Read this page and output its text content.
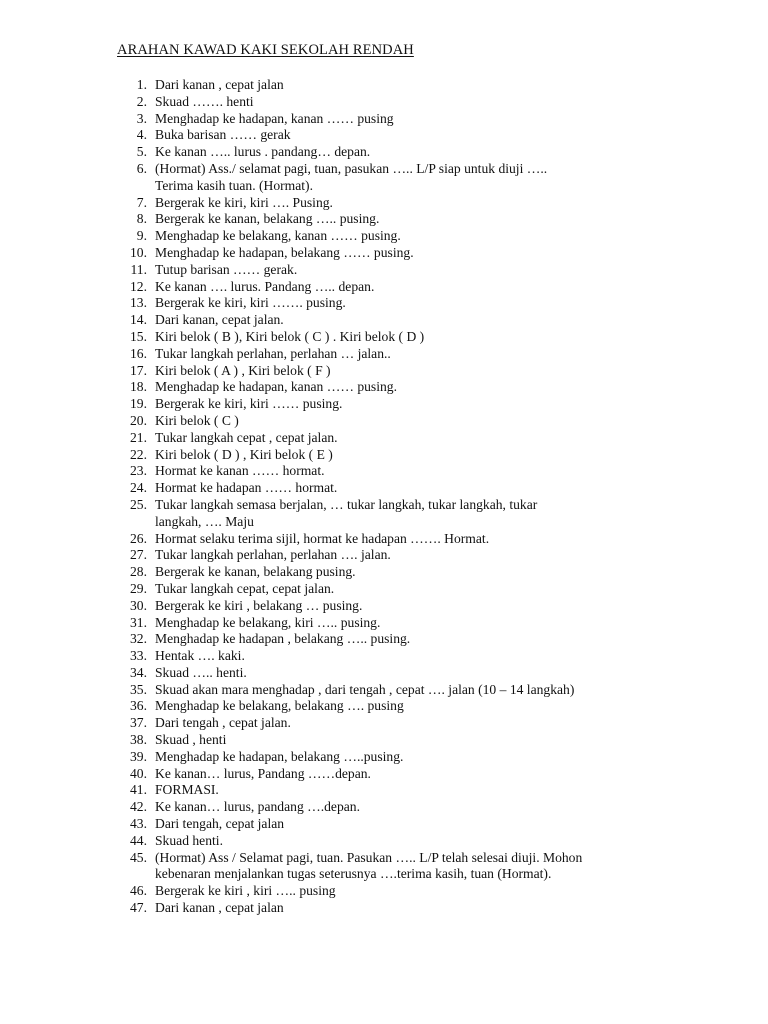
ARAHAN KAWAD KAKI SEKOLAH RENDAH
1. Dari kanan , cepat jalan
2. Skuad ……. henti
3. Menghadap ke hadapan, kanan …… pusing
4. Buka barisan …… gerak
5. Ke kanan ….. lurus . pandang… depan.
6. (Hormat) Ass./ selamat pagi, tuan, pasukan ….. L/P siap untuk diuji …..
Terima kasih tuan. (Hormat).
7. Bergerak ke kiri, kiri …. Pusing.
8. Bergerak ke kanan, belakang ….. pusing.
9. Menghadap ke belakang, kanan …… pusing.
10. Menghadap ke hadapan, belakang …… pusing.
11. Tutup barisan …… gerak.
12. Ke kanan …. lurus. Pandang ….. depan.
13. Bergerak ke kiri, kiri ……. pusing.
14. Dari kanan, cepat jalan.
15. Kiri belok ( B ), Kiri belok ( C ) . Kiri belok ( D )
16. Tukar langkah perlahan, perlahan … jalan..
17. Kiri belok ( A ) , Kiri belok ( F )
18. Menghadap ke hadapan, kanan …… pusing.
19. Bergerak ke kiri, kiri …… pusing.
20. Kiri belok ( C )
21. Tukar langkah cepat , cepat jalan.
22. Kiri belok ( D ) , Kiri belok ( E )
23. Hormat ke kanan …… hormat.
24. Hormat ke hadapan …… hormat.
25. Tukar langkah semasa berjalan, … tukar langkah, tukar langkah, tukar
langkah, …. Maju
26. Hormat selaku terima sijil, hormat ke hadapan ……. Hormat.
27. Tukar langkah perlahan, perlahan …. jalan.
28. Bergerak ke kanan, belakang pusing.
29. Tukar langkah cepat, cepat jalan.
30. Bergerak ke kiri , belakang … pusing.
31. Menghadap ke belakang, kiri ….. pusing.
32. Menghadap ke hadapan , belakang ….. pusing.
33. Hentak …. kaki.
34. Skuad ….. henti.
35. Skuad akan mara menghadap , dari tengah , cepat …. jalan (10 – 14 langkah)
36. Menghadap ke belakang, belakang …. pusing
37. Dari tengah , cepat jalan.
38. Skuad , henti
39. Menghadap ke hadapan, belakang …..pusing.
40. Ke kanan… lurus, Pandang ……depan.
41. FORMASI.
42. Ke kanan… lurus, pandang ….depan.
43. Dari tengah, cepat jalan
44. Skuad henti.
45. (Hormat) Ass / Selamat pagi, tuan. Pasukan ….. L/P telah selesai diuji. Mohon
kebenaran menjalankan tugas seterusnya ….terima kasih, tuan (Hormat).
46. Bergerak ke kiri , kiri ….. pusing
47. Dari kanan , cepat jalan
